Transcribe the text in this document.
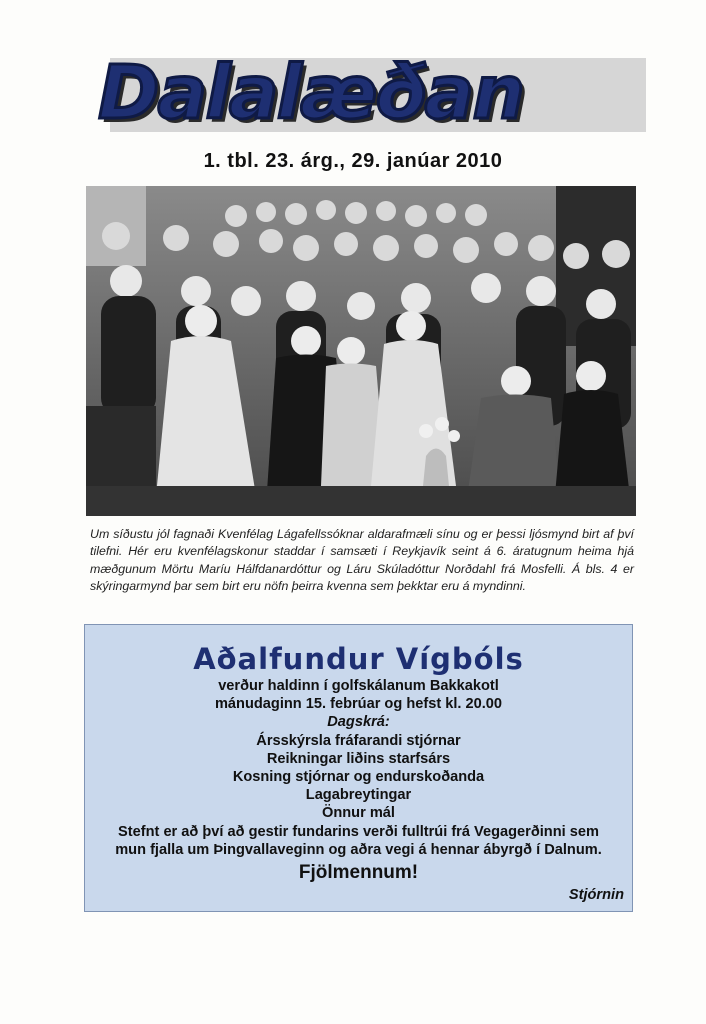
Dalalæðan
1. tbl. 23. árg., 29. janúar 2010
Um síðustu jól fagnaði Kvenfélag Lágafellssóknar aldarafmæli sínu og er þessi ljósmynd birt af því tilefni. Hér eru kvenfélagskonur staddar í samsæti í Reykjavík seint á 6. áratugnum heima hjá mæðgunum Mörtu Maríu Hálfdanardóttur og Láru Skúladóttur Norðdahl frá Mosfelli. Á bls. 4 er skýringarmynd þar sem birt eru nöfn þeirra kvenna sem þekktar eru á myndinni.
Aðalfundur Vígbóls
verður haldinn í golfskálanum Bakkakotl
mánudaginn 15. febrúar og hefst kl. 20.00
Dagskrá:
Ársskýrsla fráfarandi stjórnar
Reikningar liðins starfsárs
Kosning stjórnar og endurskoðanda
Lagabreytingar
Önnur mál
Stefnt er að því að gestir fundarins verði fulltrúi frá Vegagerðinni sem
mun fjalla um Þingvallaveginn og aðra vegi á hennar ábyrgð í Dalnum.
Fjölmennum!
Stjórnin
